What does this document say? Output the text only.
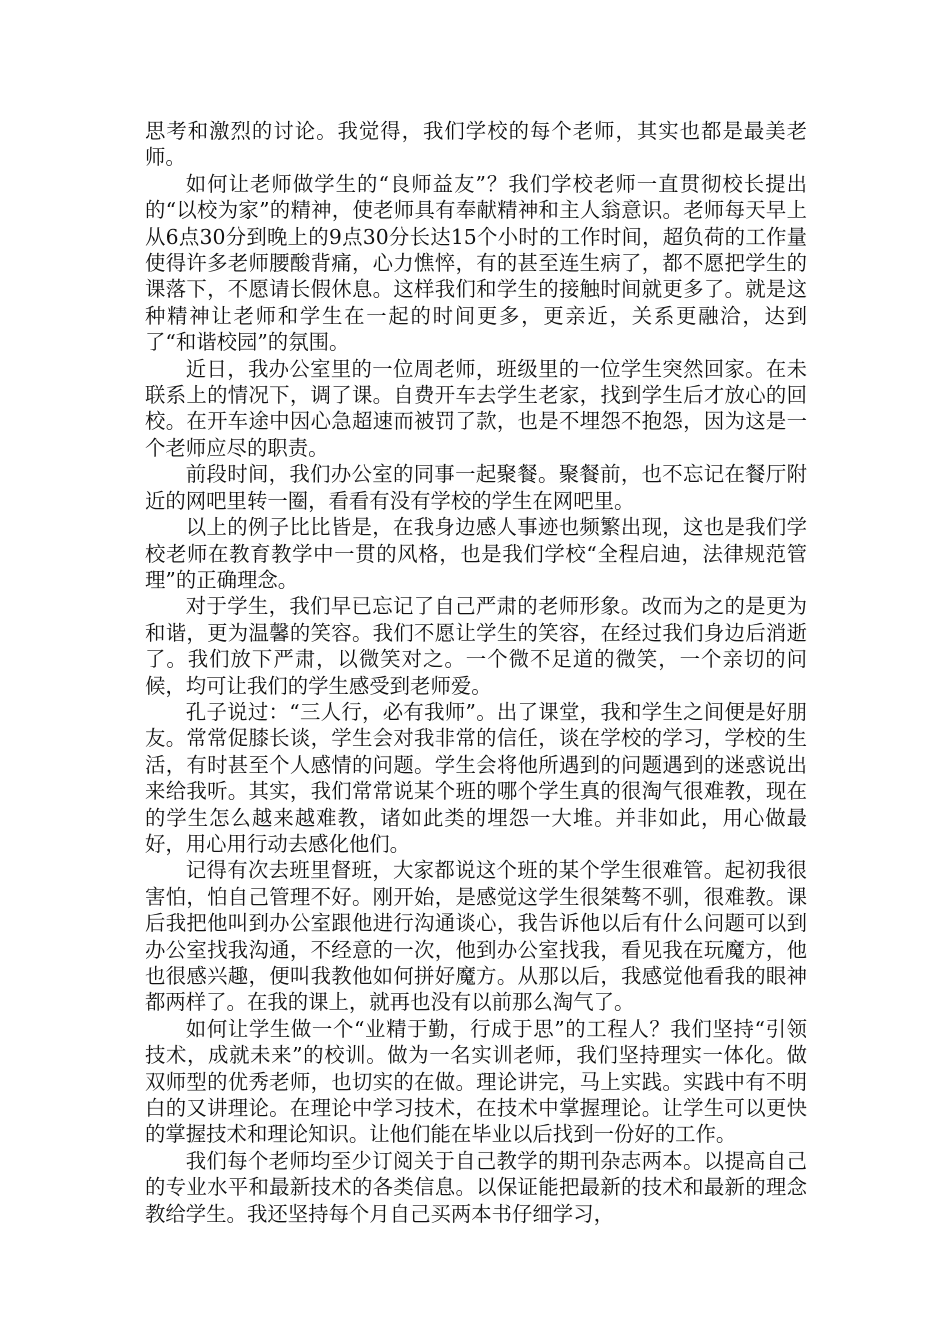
思考和激烈的讨论。我觉得，我们学校的每个老师，其实也都是最美老师。

如何让老师做学生的“良师益友”？我们学校老师一直贯彻校长提出的“以校为家”的精神，使老师具有奉献精神和主人翁意识。老师每天早上从6点30分到晚上的9点30分长达15个小时的工作时间，超负荷的工作量使得许多老师腰酸背痛，心力憔悴，有的甚至连生病了，都不愿把学生的课落下，不愿请长假休息。这样我们和学生的接触时间就更多了。就是这种精神让老师和学生在一起的时间更多，更亲近，关系更融洽，达到了“和谐校园”的氛围。

近日，我办公室里的一位周老师，班级里的一位学生突然回家。在未联系上的情况下，调了课。自费开车去学生老家，找到学生后才放心的回校。在开车途中因心急超速而被罚了款，也是不埋怨不抱怨，因为这是一个老师应尽的职责。

前段时间，我们办公室的同事一起聚餐。聚餐前，也不忘记在餐厅附近的网吧里转一圈，看看有没有学校的学生在网吧里。

以上的例子比比皆是，在我身边感人事迹也频繁出现，这也是我们学校老师在教育教学中一贯的风格，也是我们学校“全程启迪，法律规范管理”的正确理念。

对于学生，我们早已忘记了自己严肃的老师形象。改而为之的是更为和谐，更为温馨的笑容。我们不愿让学生的笑容，在经过我们身边后消逝了。我们放下严肃，以微笑对之。一个微不足道的微笑，一个亲切的问候，均可让我们的学生感受到老师爱。

孔子说过：“三人行，必有我师”。出了课堂，我和学生之间便是好朋友。常常促膝长谈，学生会对我非常的信任，谈在学校的学习，学校的生活，有时甚至个人感情的问题。学生会将他所遇到的问题遇到的迷惑说出来给我听。其实，我们常常说某个班的哪个学生真的很淘气很难教，现在的学生怎么越来越难教，诸如此类的埋怨一大堆。并非如此，用心做最好，用心用行动去感化他们。

记得有次去班里督班，大家都说这个班的某个学生很难管。起初我很害怕，怕自己管理不好。刚开始，是感觉这学生很桀骜不驯，很难教。课后我把他叫到办公室跟他进行沟通谈心，我告诉他以后有什么问题可以到办公室找我沟通，不经意的一次，他到办公室找我，看见我在玩魔方，他也很感兴趣，便叫我教他如何拼好魔方。从那以后，我感觉他看我的眼神都两样了。在我的课上，就再也没有以前那么淘气了。

如何让学生做一个“业精于勤，行成于思”的工程人？我们坚持“引领技术，成就未来”的校训。做为一名实训老师，我们坚持理实一体化。做双师型的优秀老师，也切实的在做。理论讲完，马上实践。实践中有不明白的又讲理论。在理论中学习技术，在技术中掌握理论。让学生可以更快的掌握技术和理论知识。让他们能在毕业以后找到一份好的工作。

我们每个老师均至少订阅关于自己教学的期刊杂志两本。以提高自己的专业水平和最新技术的各类信息。以保证能把最新的技术和最新的理念教给学生。我还坚持每个月自己买两本书仔细学习，
